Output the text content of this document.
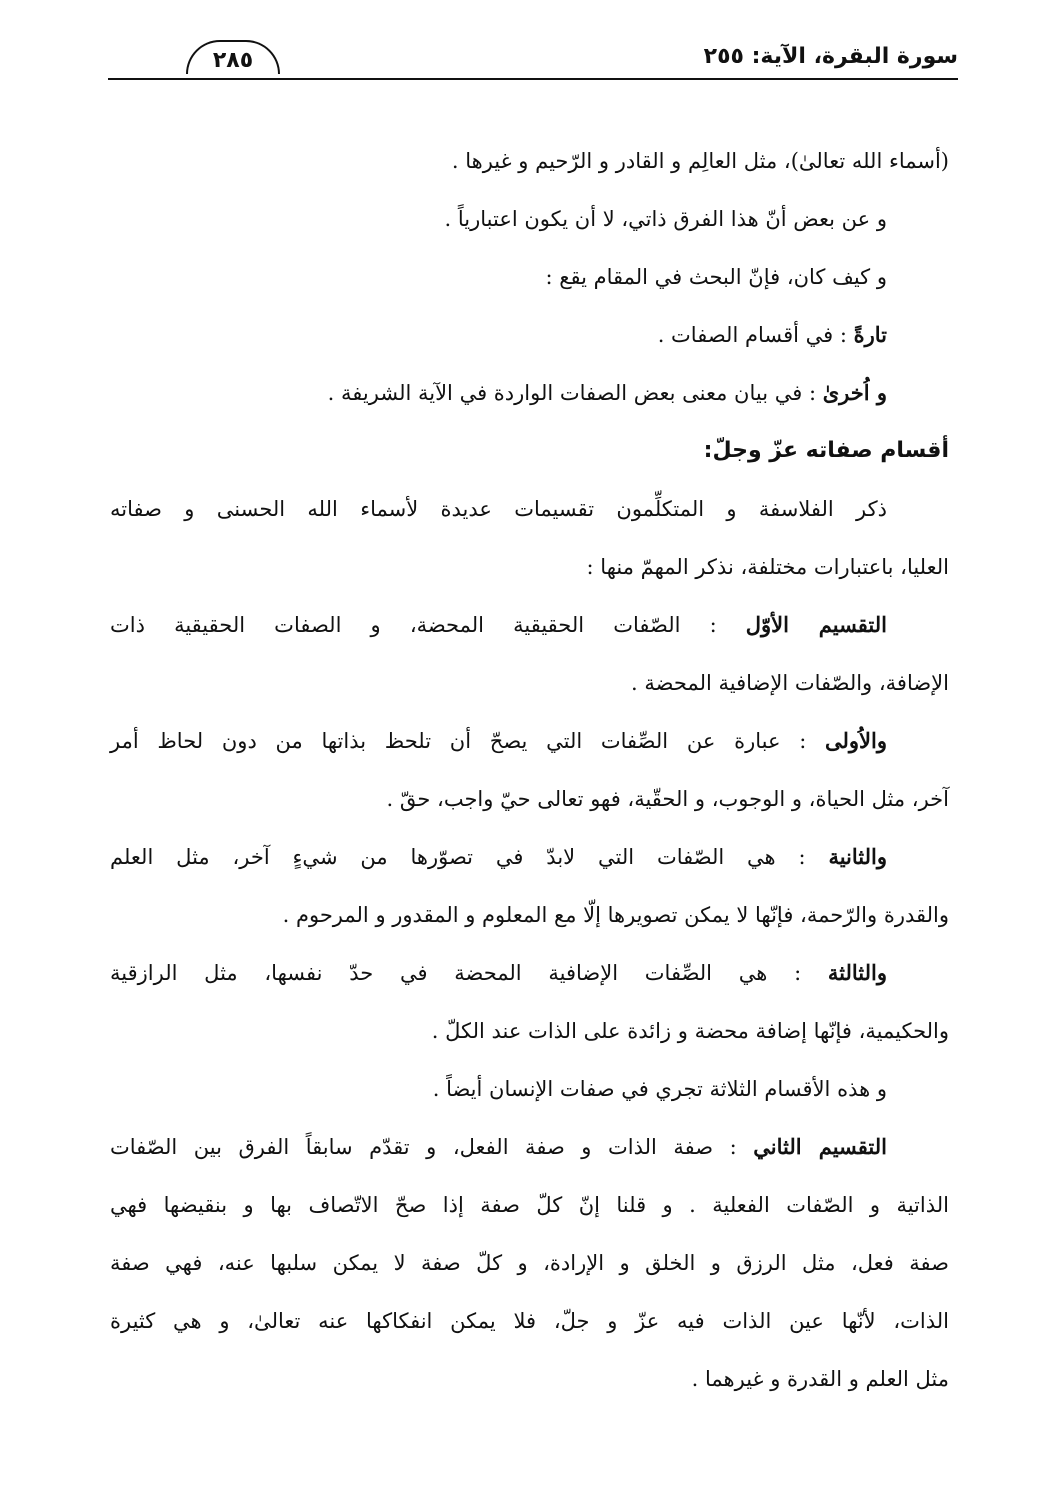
سورة البقرة، الآية: ٢٥٥
٢٨٥
(أسماء الله تعالىٰ)، مثل العالِم و القادر و الرّحيم و غيرها .
و عن بعض أنّ هذا الفرق ذاتي، لا أن يكون اعتبارياً .
و كيف كان، فإنّ البحث في المقام يقع :
تارةً : في أقسام الصفات .
و اُخرىٰ : في بيان معنى بعض الصفات الواردة في الآية الشريفة .
أقسام صفاته عزّ وجلّ:
ذكر الفلاسفة و المتكلِّمون تقسيمات عديدة لأسماء الله الحسنى و صفاته
العليا، باعتبارات مختلفة، نذكر المهمّ منها :
التقسيم الأوّل : الصّفات الحقيقية المحضة، و الصفات الحقيقية ذات
الإضافة، والصّفات الإضافية المحضة .
والاُولى : عبارة عن الصِّفات التي يصحّ أن تلحظ بذاتها من دون لحاظ أمر
آخر، مثل الحياة، و الوجوب، و الحقّية، فهو تعالى حيّ واجب، حقّ .
والثانية : هي الصّفات التي لابدّ في تصوّرها من شيءٍ آخر، مثل العلم
والقدرة والرّحمة، فإنّها لا يمكن تصويرها إلّا مع المعلوم و المقدور و المرحوم .
والثالثة : هي الصِّفات الإضافية المحضة في حدّ نفسها، مثل الرازقية
والحكيمية، فإنّها إضافة محضة و زائدة على الذات عند الكلّ .
و هذه الأقسام الثلاثة تجري في صفات الإنسان أيضاً .
التقسيم الثاني : صفة الذات و صفة الفعل، و تقدّم سابقاً الفرق بين الصّفات
الذاتية و الصّفات الفعلية . و قلنا إنّ كلّ صفة إذا صحّ الاتّصاف بها و بنقيضها فهي
صفة فعل، مثل الرزق و الخلق و الإرادة، و كلّ صفة لا يمكن سلبها عنه، فهي صفة
الذات، لأنّها عين الذات فيه عزّ و جلّ، فلا يمكن انفكاكها عنه تعالىٰ، و هي كثيرة
مثل العلم و القدرة و غيرهما .
